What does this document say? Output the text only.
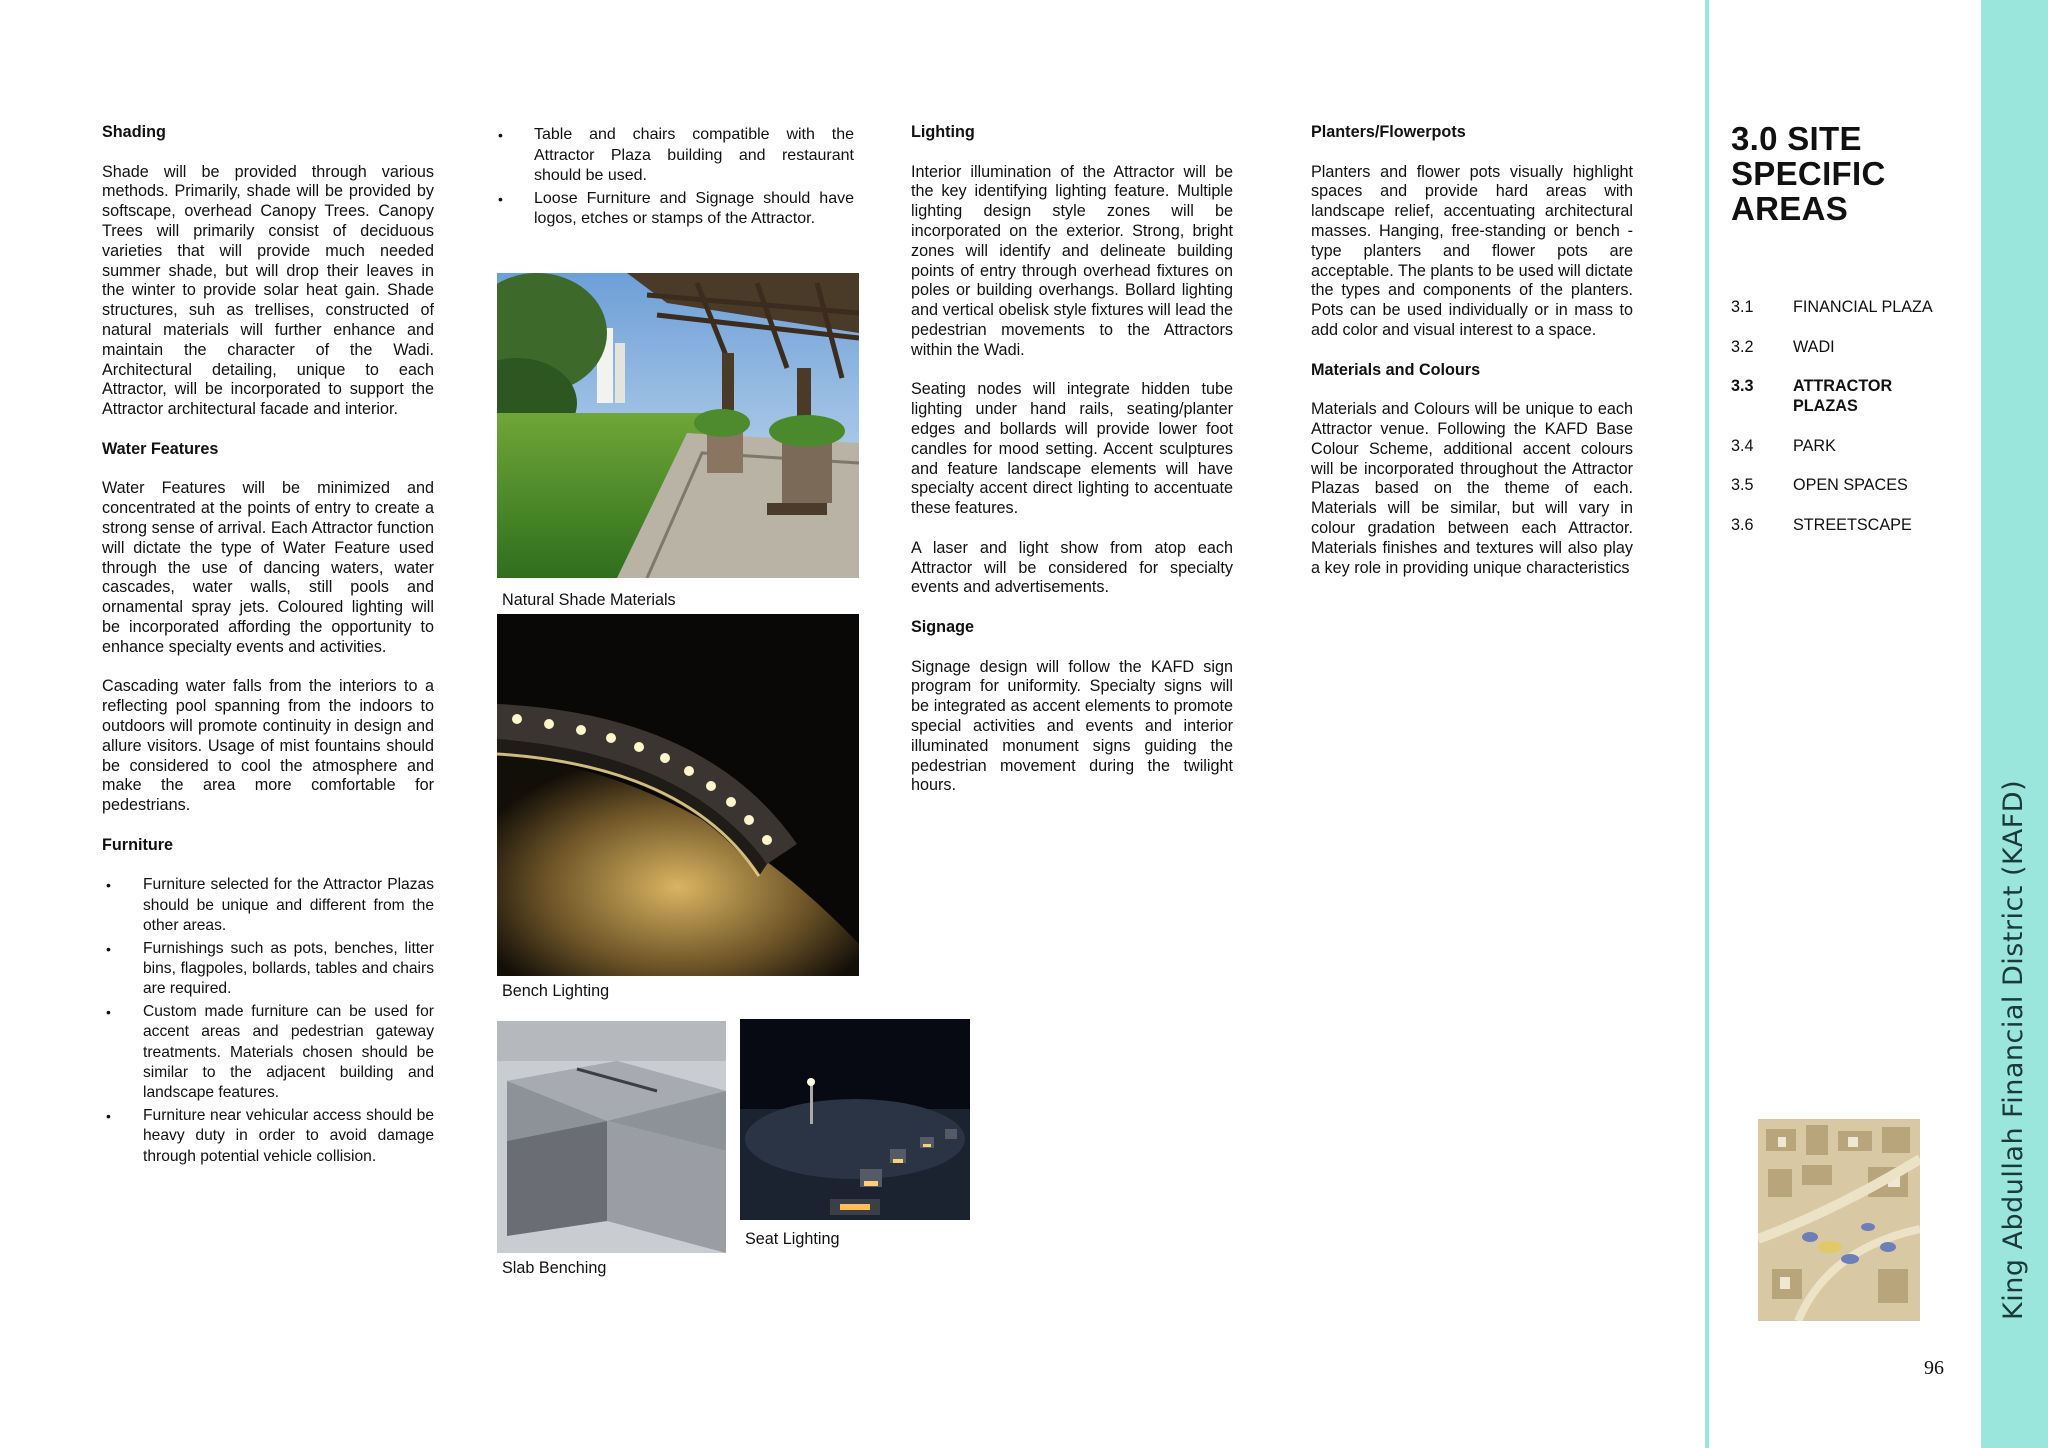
Shading

Shade will be provided through various methods. Primarily, shade will be provided by softscape, overhead Canopy Trees. Canopy Trees will primarily consist of deciduous varieties that will provide much needed summer shade, but will drop their leaves in the winter to provide solar heat gain. Shade structures, suh as trellises, constructed of natural materials will further enhance and maintain the character of the Wadi. Architectural detailing, unique to each Attractor, will be incorporated to support the Attractor architectural facade and interior.

Water Features

Water Features will be minimized and concentrated at the points of entry to create a strong sense of arrival. Each Attractor function will dictate the type of Water Feature used through the use of dancing waters, water cascades, water walls, still pools and ornamental spray jets. Coloured lighting will be incorporated affording the opportunity to enhance specialty events and activities.

Cascading water falls from the interiors to a reflecting pool spanning from the indoors to outdoors will promote continuity in design and allure visitors. Usage of mist fountains should be considered to cool the atmosphere and make the area more comfortable for pedestrians.

Furniture
• Furniture selected for the Attractor Plazas should be unique and different from the other areas.
• Furnishings such as pots, benches, litter bins, flagpoles, bollards, tables and chairs are required.
• Custom made furniture can be used for accent areas and pedestrian gateway treatments. Materials chosen should be similar to the adjacent building and landscape features.
• Furniture near vehicular access should be heavy duty in order to avoid damage through potential vehicle collision.
• Table and chairs compatible with the Attractor Plaza building and restaurant should be used.
• Loose Furniture and Signage should have logos, etches or stamps of the Attractor.
Natural Shade Materials
Bench Lighting
Slab Benching
Seat Lighting
Lighting

Interior illumination of the Attractor will be the key identifying lighting feature. Multiple lighting design style zones will be incorporated on the exterior. Strong, bright zones will identify and delineate building points of entry through overhead fixtures on poles or building overhangs. Bollard lighting and vertical obelisk style fixtures will lead the pedestrian movements to the Attractors within the Wadi.

Seating nodes will integrate hidden tube lighting under hand rails, seating/planter edges and bollards will provide lower foot candles for mood setting. Accent sculptures and feature landscape elements will have specialty accent direct lighting to accentuate these features.

A laser and light show from atop each Attractor will be considered for specialty events and advertisements.

Signage

Signage design will follow the KAFD sign program for uniformity. Specialty signs will be integrated as accent elements to promote special activities and events and interior illuminated monument signs guiding the pedestrian movement during the twilight hours.

Planters/Flowerpots

Planters and flower pots visually highlight spaces and provide hard areas with landscape relief, accentuating architectural masses. Hanging, free-standing or bench -type planters and flower pots are acceptable. The plants to be used will dictate the types and components of the planters. Pots can be used individually or in mass to add color and visual interest to a space.

Materials and Colours

Materials and Colours will be unique to each Attractor venue. Following the KAFD Base Colour Scheme, additional accent colours will be incorporated throughout the Attractor Plazas based on the theme of each. Materials will be similar, but will vary in colour gradation between each Attractor. Materials finishes and textures will also play a key role in providing unique characteristics

3.0 SITE
SPECIFIC
AREAS
3.1	FINANCIAL PLAZA
3.2	WADI
3.3	ATTRACTOR PLAZAS
3.4	PARK
3.5	OPEN SPACES
3.6	STREETSCAPE
King Abdullah Financial District (KAFD)
96
